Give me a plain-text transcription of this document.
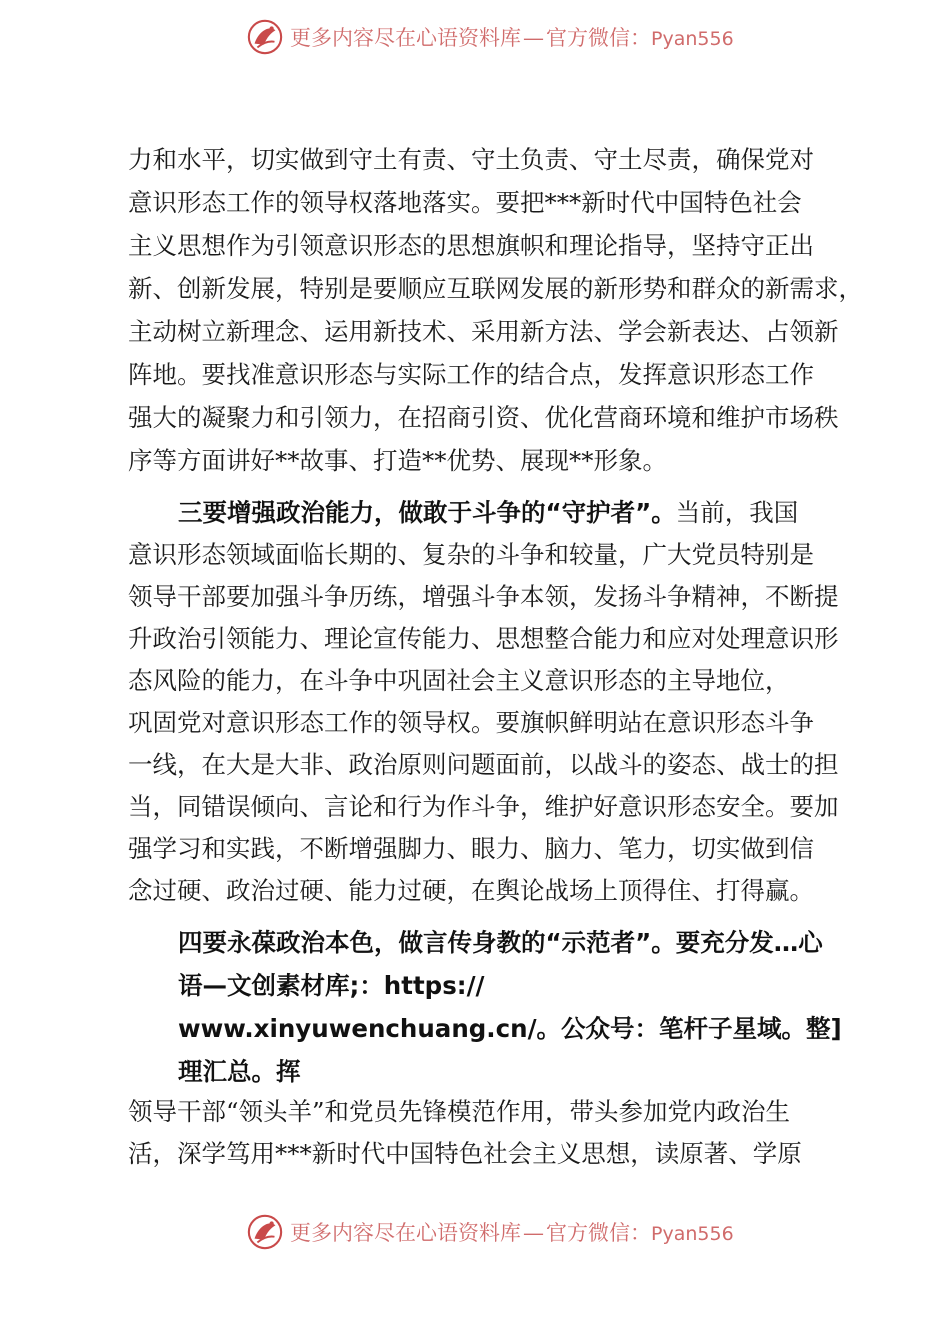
更多内容尽在心语资料库—官方微信：Pyan556
力和水平，切实做到守土有责、守土负责、守土尽责，确保党对
意识形态工作的领导权落地落实。要把***新时代中国特色社会
主义思想作为引领意识形态的思想旗帜和理论指导，坚持守正出
新、创新发展，特别是要顺应互联网发展的新形势和群众的新需求，
主动树立新理念、运用新技术、采用新方法、学会新表达、占领新
阵地。要找准意识形态与实际工作的结合点，发挥意识形态工作
强大的凝聚力和引领力，在招商引资、优化营商环境和维护市场秩
序等方面讲好**故事、打造**优势、展现**形象。
三要增强政治能力，做敢于斗争的“守护者”。当前，我国
意识形态领域面临长期的、复杂的斗争和较量，广大党员特别是
领导干部要加强斗争历练，增强斗争本领，发扬斗争精神，不断提
升政治引领能力、理论宣传能力、思想整合能力和应对处理意识形
态风险的能力，在斗争中巩固社会主义意识形态的主导地位，
巩固党对意识形态工作的领导权。要旗帜鲜明站在意识形态斗争
一线，在大是大非、政治原则问题面前，以战斗的姿态、战士的担
当，同错误倾向、言论和行为作斗争，维护好意识形态安全。要加
强学习和实践，不断增强脚力、眼力、脑力、笔力，切实做到信
念过硬、政治过硬、能力过硬，在舆论战场上顶得住、打得赢。
四要永葆政治本色，做言传身教的“示范者”。要充分发…心
语—文创素材库;：https://
www.xinyuwenchuang.cn/。公众号：笔杆子星域。整]
理汇总。挥
领导干部“领头羊”和党员先锋模范作用，带头参加党内政治生
活，深学笃用***新时代中国特色社会主义思想，读原著、学原
更多内容尽在心语资料库—官方微信：Pyan556
